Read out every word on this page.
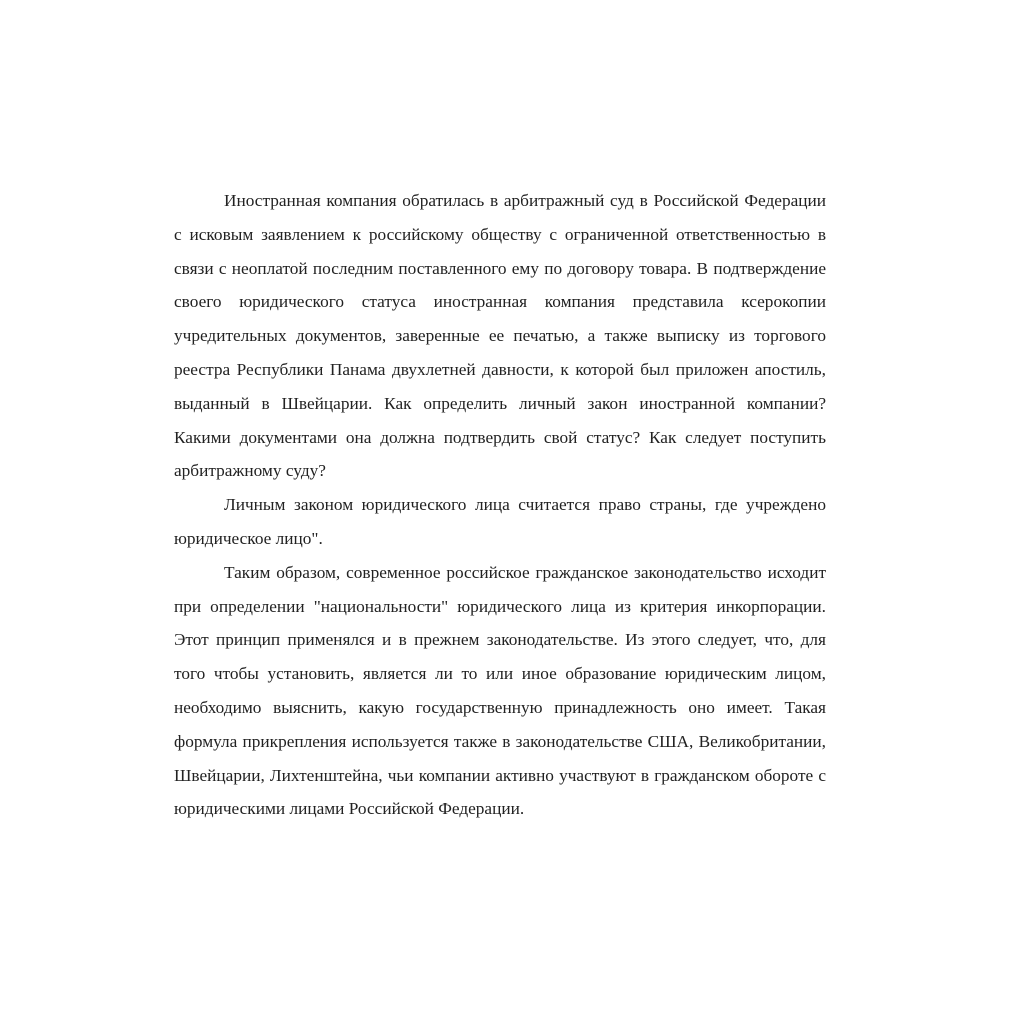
Иностранная компания обратилась в арбитражный суд в Российской Федерации с исковым заявлением к российскому обществу с ограниченной ответственностью в связи с неоплатой последним поставленного ему по договору товара. В подтверждение своего юридического статуса иностранная компания представила ксерокопии учредительных документов, заверенные ее печатью, а также выписку из торгового реестра Республики Панама двухлетней давности, к которой был приложен апостиль, выданный в Швейцарии. Как определить личный закон иностранной компании? Какими документами она должна подтвердить свой статус? Как следует поступить арбитражному суду?

Личным законом юридического лица считается право страны, где учреждено юридическое лицо".

Таким образом, современное российское гражданское законодательство исходит при определении "национальности" юридического лица из критерия инкорпорации. Этот принцип применялся и в прежнем законодательстве. Из этого следует, что, для того чтобы установить, является ли то или иное образование юридическим лицом, необходимо выяснить, какую государственную принадлежность оно имеет. Такая формула прикрепления используется также в законодательстве США, Великобритании, Швейцарии, Лихтенштейна, чьи компании активно участвуют в гражданском обороте с юридическими лицами Российской Федерации.
